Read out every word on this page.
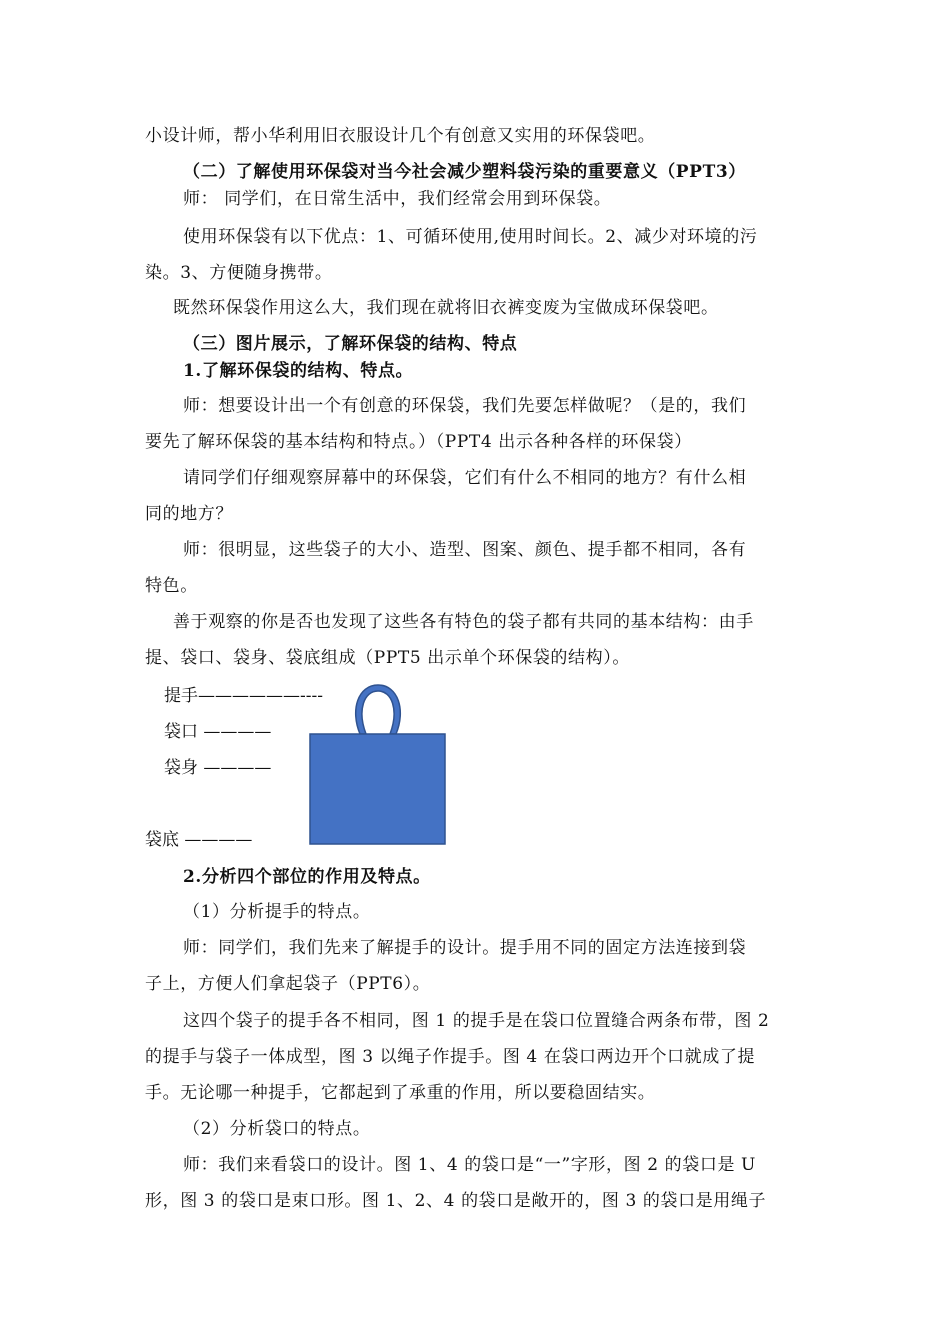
小设计师，帮小华利用旧衣服设计几个有创意又实用的环保袋吧。
（二）了解使用环保袋对当今社会减少塑料袋污染的重要意义（PPT3）
师： 同学们，在日常生活中，我们经常会用到环保袋。
使用环保袋有以下优点：1、可循环使用,使用时间长。2、减少对环境的污
染。3、方便随身携带。
既然环保袋作用这么大，我们现在就将旧衣裤变废为宝做成环保袋吧。
（三）图片展示，了解环保袋的结构、特点
1.了解环保袋的结构、特点。
师：想要设计出一个有创意的环保袋，我们先要怎样做呢？（是的，我们
要先了解环保袋的基本结构和特点。）（PPT4 出示各种各样的环保袋）
请同学们仔细观察屏幕中的环保袋，它们有什么不相同的地方？有什么相
同的地方？
师：很明显，这些袋子的大小、造型、图案、颜色、提手都不相同，各有
特色。
善于观察的你是否也发现了这些各有特色的袋子都有共同的基本结构：由手
提、袋口、袋身、袋底组成（PPT5 出示单个环保袋的结构）。
提手——————----
袋口 ————
袋身 ————
袋底 ————
2.分析四个部位的作用及特点。
（1）分析提手的特点。
师：同学们，我们先来了解提手的设计。提手用不同的固定方法连接到袋
子上，方便人们拿起袋子（PPT6）。
这四个袋子的提手各不相同，图 1 的提手是在袋口位置缝合两条布带，图 2
的提手与袋子一体成型，图 3 以绳子作提手。图 4 在袋口两边开个口就成了提
手。无论哪一种提手，它都起到了承重的作用，所以要稳固结实。
（2）分析袋口的特点。
师：我们来看袋口的设计。图 1、4 的袋口是“一”字形，图 2 的袋口是 U
形，图 3 的袋口是束口形。图 1、2、4 的袋口是敞开的，图 3 的袋口是用绳子
